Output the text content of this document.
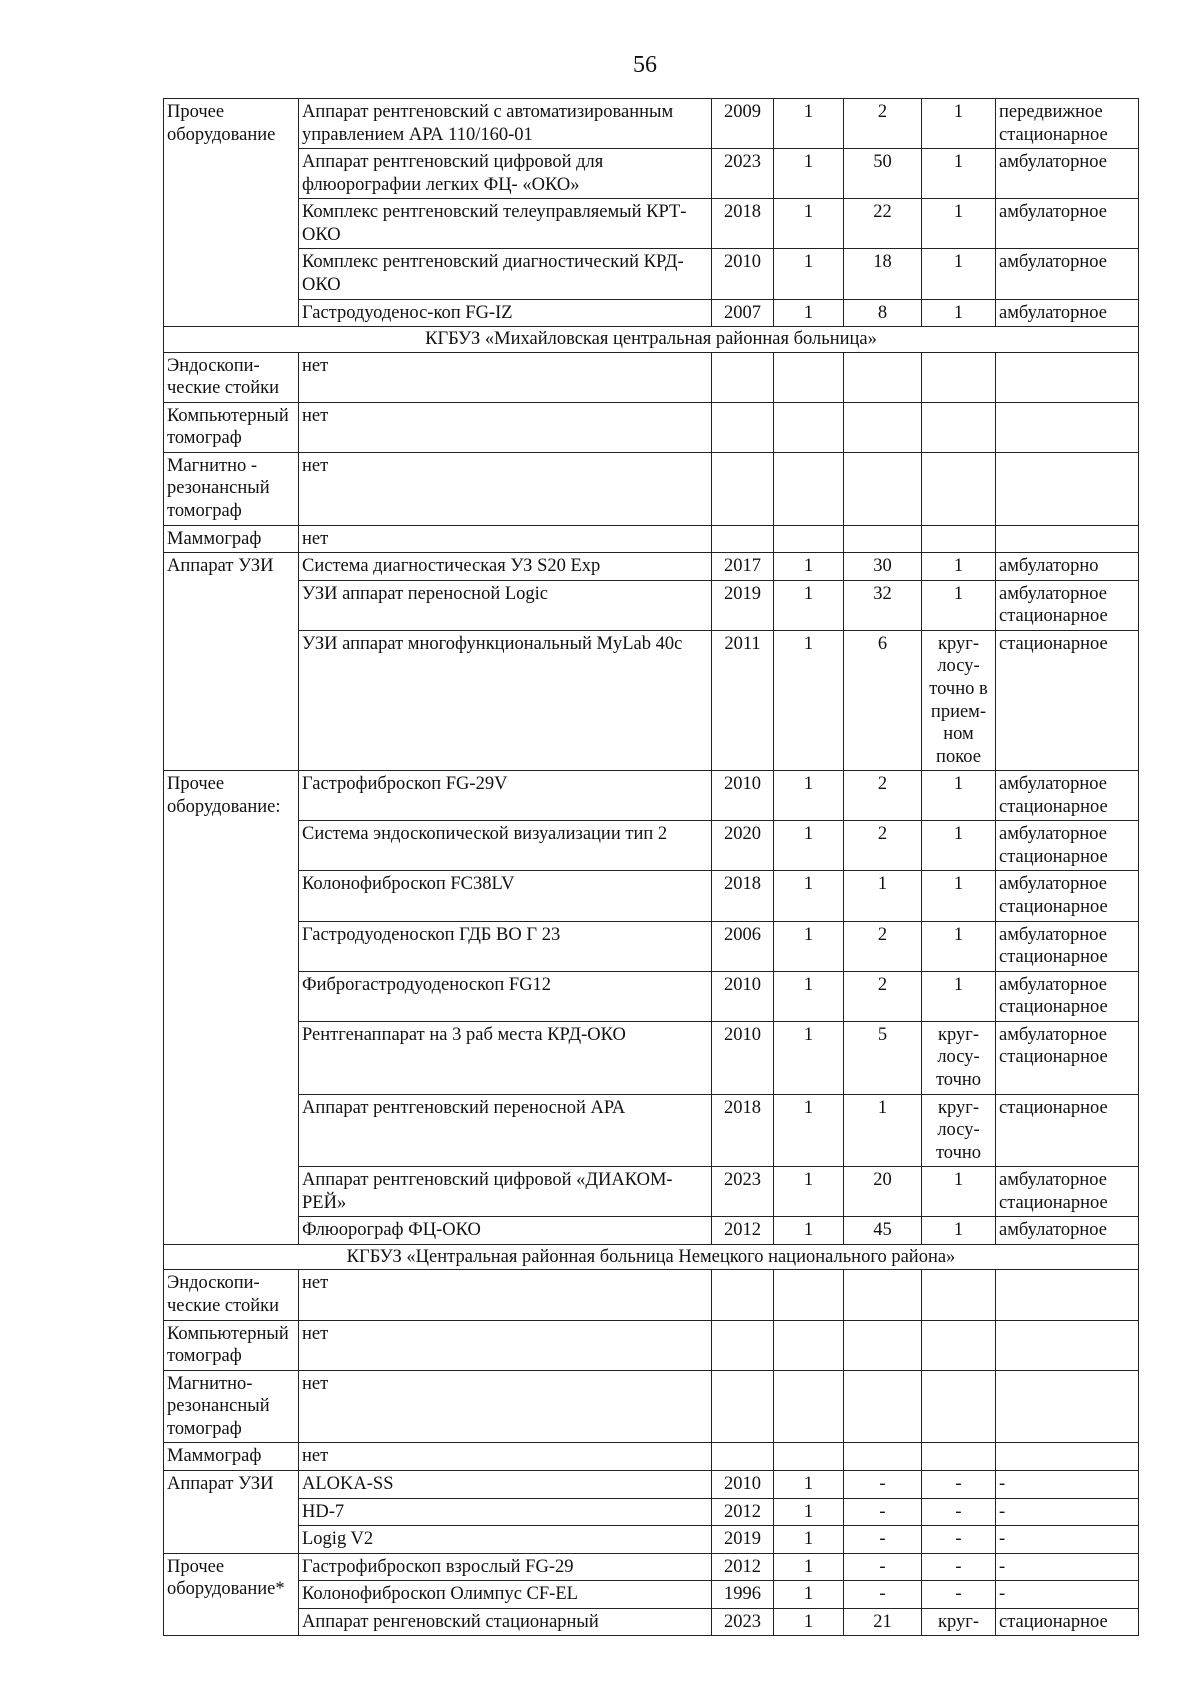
56
Прочее оборудование	Аппарат рентгеновский с автоматизированным управлением АРА 110/160-01	2009	1	2	1	передвижное стационарное
	Аппарат рентгеновский цифровой для флюорографии легких ФЦ- «ОКО»	2023	1	50	1	амбулаторное
	Комплекс рентгеновский телеуправляемый КРТ-ОКО	2018	1	22	1	амбулаторное
	Комплекс рентгеновский диагностический КРД-ОКО	2010	1	18	1	амбулаторное
	Гастродуоденос-коп FG-IZ	2007	1	8	1	амбулаторное
КГБУЗ «Михайловская центральная районная больница»						
Эндоскопи-ческие стойки	нет					
Компьютерный томограф	нет					
Магнитно - резонансный томограф	нет					
Маммограф	нет					
Аппарат УЗИ	Система диагностическая УЗ S20 Exp	2017	1	30	1	амбулаторно
	УЗИ аппарат переносной Logic	2019	1	32	1	амбулаторное стационарное
	УЗИ аппарат многофункциональный MyLab 40c	2011	1	6	круг-лосу-точно в прием-ном покое	стационарное
Прочее оборудование:	Гастрофиброскоп FG-29V	2010	1	2	1	амбулаторное стационарное
	Система эндоскопической визуализации тип 2	2020	1	2	1	амбулаторное стационарное
	Колонофиброскоп FC38LV	2018	1	1	1	амбулаторное стационарное
	Гастродуоденоскоп ГДБ ВО Г 23	2006	1	2	1	амбулаторное стационарное
	Фиброгастродуоденоскоп FG12	2010	1	2	1	амбулаторное стационарное
	Рентгенаппарат на 3 раб места КРД-ОКО	2010	1	5	круг-лосу-точно	амбулаторное стационарное
	Аппарат рентгеновский переносной АРА	2018	1	1	круг-лосу-точно	стационарное
	Аппарат рентгеновский цифровой «ДИАКОМ-РЕЙ»	2023	1	20	1	амбулаторное стационарное
	Флюорограф ФЦ-ОКО	2012	1	45	1	амбулаторное
КГБУЗ «Центральная районная больница Немецкого национального района»						
Эндоскопи-ческие стойки	нет					
Компьютерный томограф	нет					
Магнитно-резонансный томограф	нет					
Маммограф	нет					
Аппарат УЗИ	ALOKA-SS	2010	1	-	-	-
	HD-7	2012	1	-	-	-
	Logig V2	2019	1	-	-	-
Прочее оборудование*	Гастрофиброскоп взрослый FG-29	2012	1	-	-	-
	Колонофиброскоп Олимпус CF-EL	1996	1	-	-	-
	Аппарат ренгеновский стационарный	2023	1	21	круг-	стационарное
